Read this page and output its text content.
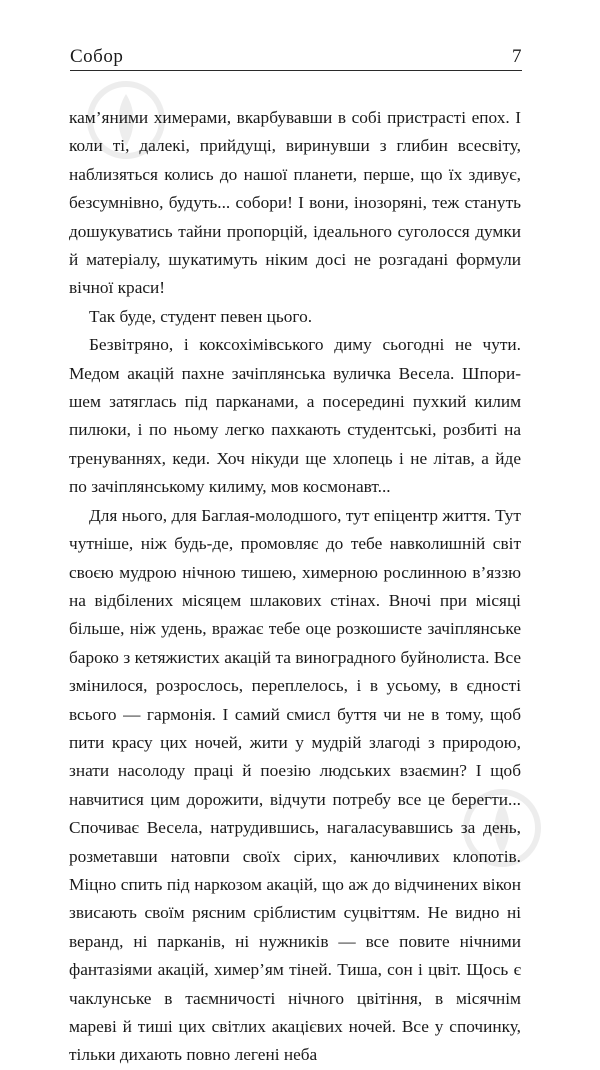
Собор	7

кам’яними химерами, вкарбувавши в собі пристрасті епох. І коли ті, далекі, прийдущі, виринувши з глибин всесвіту, наблизяться колись до нашої планети, перше, що їх здивує, безсумнівно, будуть... собори! І вони, інозоряні, теж стануть дошукуватись тайни пропорцій, ідеального суголосся думки й матеріалу, шукатимуть ніким досі не розгадані формули вічної краси!

Так буде, студент певен цього.

Безвітряно, і коксохімівського диму сьогодні не чути. Медом акацій пахне зачіплянська вуличка Весела. Шпоришем затяглась під парканами, а посередині пухкий килим пилюки, і по ньому легко пахкають студентські, розбиті на тренуваннях, кеди. Хоч нікуди ще хлопець і не літав, а йде по зачіплянському килиму, мов космонавт...

Для нього, для Баглая-молодшого, тут епіцентр життя. Тут чутніше, ніж будь-де, промовляє до тебе навколишній світ своєю мудрою нічною тишею, химерною рослинною в’яззю на відбілених місяцем шлакових стінах. Вночі при місяці більше, ніж удень, вражає тебе оце розкошисте зачіплянське бароко з кетяжистих акацій та виноградного буйнолиста. Все змінилося, розрослось, переплелось, і в усьому, в єдності всього — гармонія. І самий смисл буття чи не в тому, щоб пити красу цих ночей, жити у мудрій злагоді з природою, знати насолоду праці й поезію людських взаємин? І щоб навчитися цим дорожити, відчути потребу все це берегти... Спочиває Весела, натрудившись, нагаласувавшись за день, розметавши натовпи своїх сірих, канючливих клопотів. Міцно спить під наркозом акацій, що аж до відчинених вікон звисають своїм рясним сріблистим суцвіттям. Не видно ні веранд, ні парканів, ні нужників — все повите нічними фантазіями акацій, химер’ям тіней. Тиша, сон і цвіт. Щось є чаклунське в таємничості нічного цвітіння, в місячнім мареві й тиші цих світлих акацієвих ночей. Все у спочинку, тільки дихають повно легені неба
